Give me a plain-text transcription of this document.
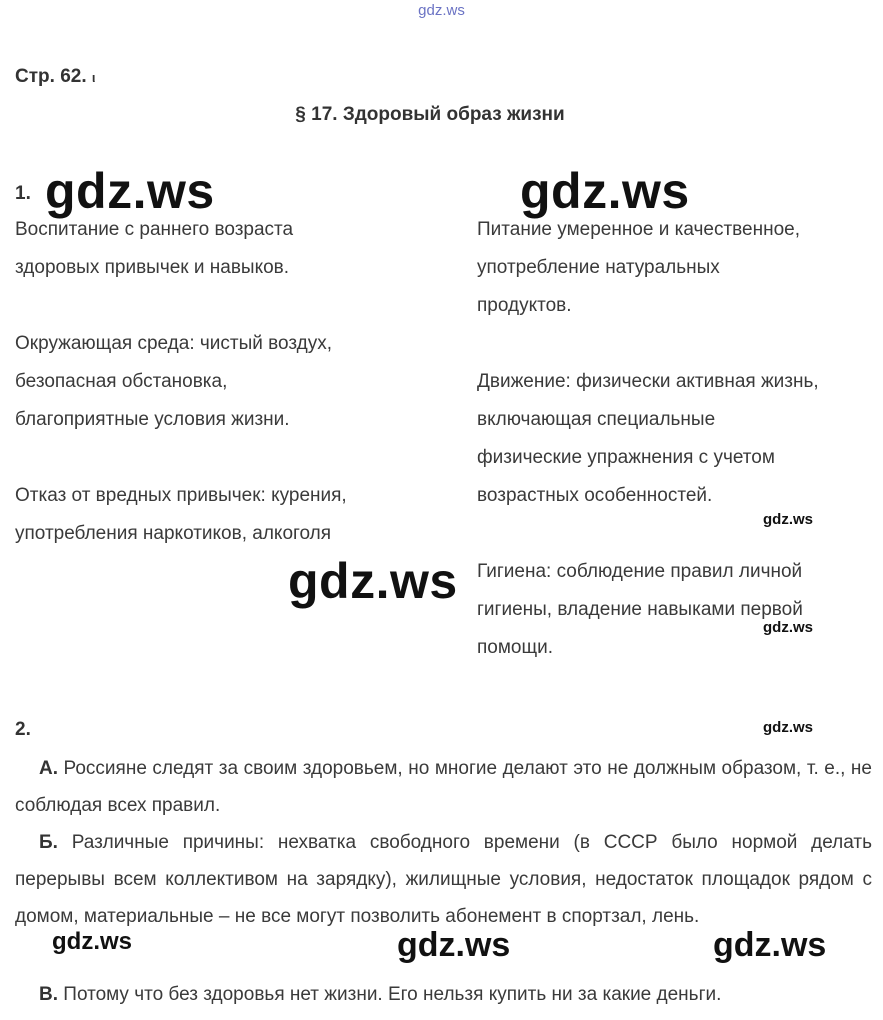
gdz.ws
Стр. 62. ι
§ 17. Здоровый образ жизни
1. gdz.ws	gdz.ws

Воспитание с раннего возраста

здоровых привычек и навыков.

Окружающая среда: чистый воздух,

безопасная обстановка,

благоприятные условия жизни.

Отказ от вредных привычек: курения,

употребления наркотиков, алкоголя

Питание умеренное и качественное,

употребление натуральных

продуктов.

Движение: физически активная жизнь,

включающая специальные

физические упражнения с учетом

возрастных особенностей.

Гигиена: соблюдение правил личной

гигиены, владение навыками первой

помощи.

gdz.ws
gdz.ws
gdz.ws
2.	gdz.ws
А. Россияне следят за своим здоровьем, но многие делают это не должным образом, т. е., не соблюдая всех правил.
Б. Различные причины: нехватка свободного времени (в СССР было нормой делать перерывы всем коллективом на зарядку), жилищные условия, недостаток площадок рядом с домом, материальные – не все могут позволить абонемент в спортзал, лень.
В. Потому что без здоровья нет жизни. Его нельзя купить ни за какие деньги.
gdz.ws	gdz.ws	gdz.ws
